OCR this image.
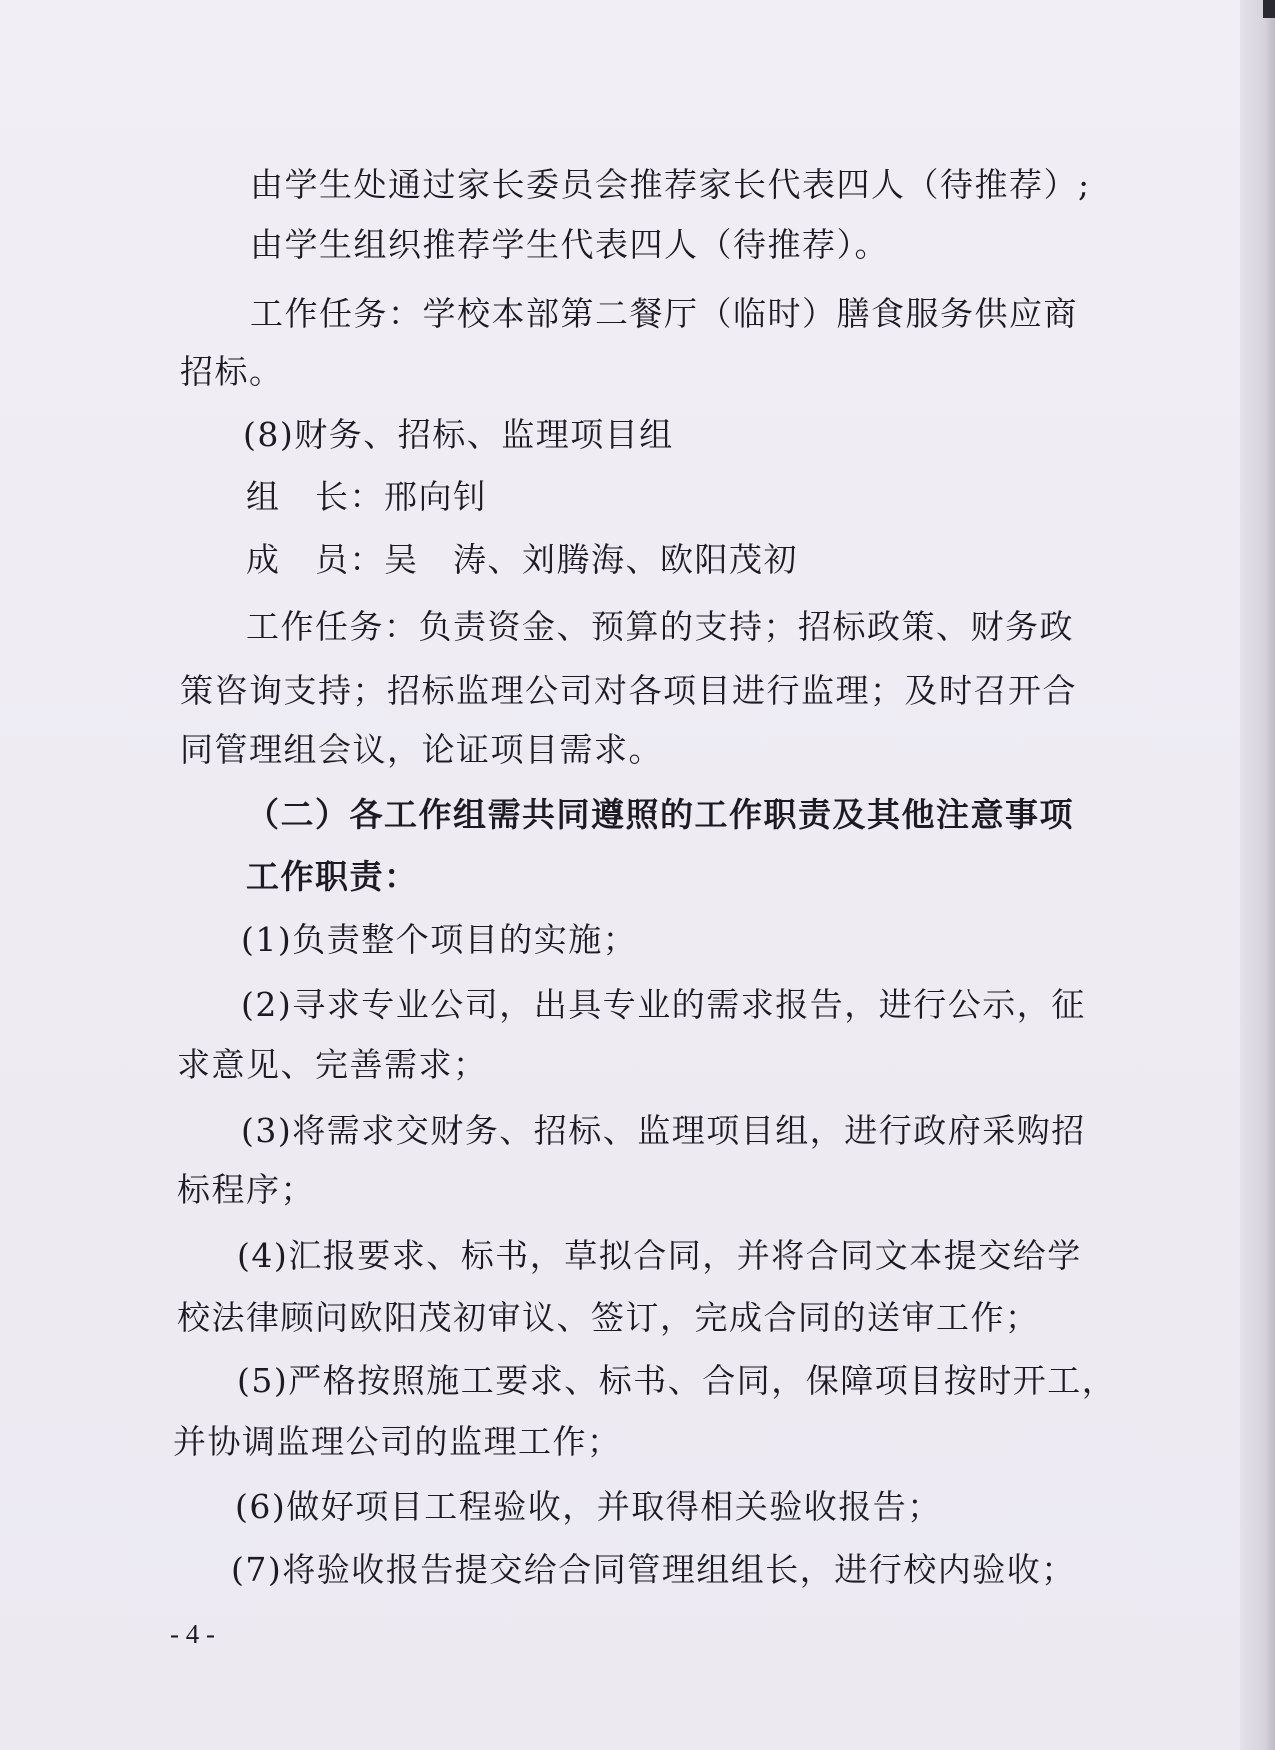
由学生处通过家长委员会推荐家长代表四人（待推荐）;
由学生组织推荐学生代表四人（待推荐）。
工作任务：学校本部第二餐厅（临时）膳食服务供应商
招标。
(8)财务、招标、监理项目组
组　长：邢向钊
成　员：吴　涛、刘腾海、欧阳茂初
工作任务：负责资金、预算的支持；招标政策、财务政
策咨询支持；招标监理公司对各项目进行监理；及时召开合
同管理组会议，论证项目需求。
（二）各工作组需共同遵照的工作职责及其他注意事项
工作职责：
(1)负责整个项目的实施；
(2)寻求专业公司，出具专业的需求报告，进行公示，征
求意见、完善需求；
(3)将需求交财务、招标、监理项目组，进行政府采购招
标程序；
(4)汇报要求、标书，草拟合同，并将合同文本提交给学
校法律顾问欧阳茂初审议、签订，完成合同的送审工作；
(5)严格按照施工要求、标书、合同，保障项目按时开工，
并协调监理公司的监理工作；
(6)做好项目工程验收，并取得相关验收报告；
(7)将验收报告提交给合同管理组组长，进行校内验收；
- 4 -
